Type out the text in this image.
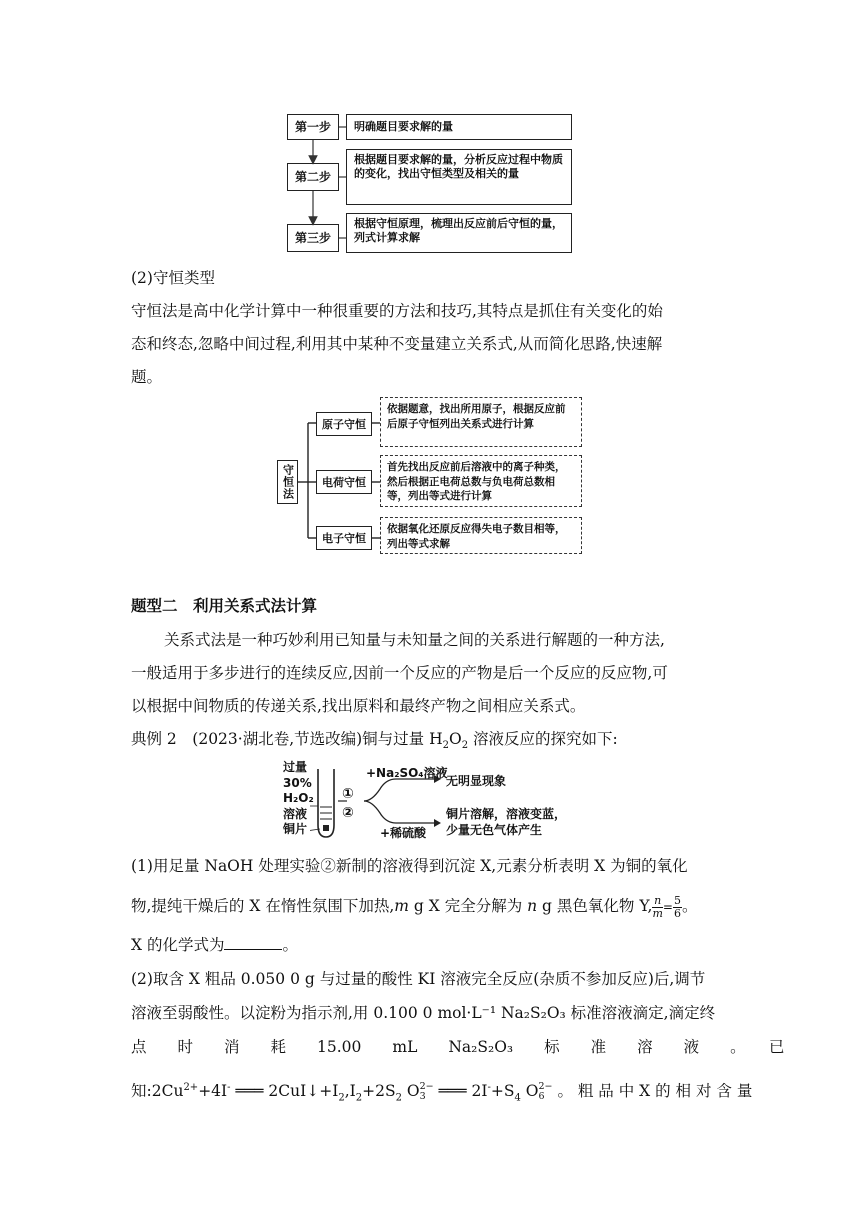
第一步	明确题目要求解的量
第二步
根据题目要求解的量，分析反应过程中物质的变化，找出守恒类型及相关的量
第三步
根据守恒原理，梳理出反应前后守恒的量，列式计算求解
(2)守恒类型
守恒法是高中化学计算中一种很重要的方法和技巧,其特点是抓住有关变化的始
态和终态,忽略中间过程,利用其中某种不变量建立关系式,从而简化思路,快速解
题。
守恒法
原子守恒
依据题意，找出所用原子，根据反应前后原子守恒列出关系式进行计算
电荷守恒
首先找出反应前后溶液中的离子种类，然后根据正电荷总数与负电荷总数相等，列出等式进行计算
电子守恒
依据氧化还原反应得失电子数目相等，列出等式求解
题型二　利用关系式法计算
关系式法是一种巧妙利用已知量与未知量之间的关系进行解题的一种方法,
一般适用于多步进行的连续反应,因前一个反应的产物是后一个反应的反应物,可
以根据中间物质的传递关系,找出原料和最终产物之间相应关系式。
典例 2　(2023·湖北卷,节选改编)铜与过量 $H_2O_2$ 溶液反应的探究如下:
过量
30%
H₂O₂
溶液
铜片
①
②
+Na₂SO₄溶液
+稀硫酸
无明显现象
铜片溶解，溶液变蓝，
少量无色气体产生
(1)用足量 NaOH 处理实验②新制的溶液得到沉淀 X,元素分析表明 X 为铜的氧化
物,提纯干燥后的 X 在惰性氛围下加热,m g X 完全分解为 n g 黑色氧化物 Y, $\frac{n}{m} = \frac{5}{6}$ 。
X 的化学式为	。
(2)取含 X 粗品 0.050 0 g 与过量的酸性 KI 溶液完全反应(杂质不参加反应)后,调节
溶液至弱酸性。以淀粉为指示剂,用 0.100 0 mol·L⁻¹ Na₂S₂O₃ 标准溶液滴定,滴定终
点　　时　　消　　耗　　15.00　　mL　　Na₂S₂O₃　　标　　准　　溶　　液　　。　　已
知$:2Cu^{2+}+4I^-$ ═══ $2CuI↓+I_2,I_2+2S_2$ O 2−
3 ═══ $2I^-+S_4$ O 2−
6 。 粗 品 中 X 的 相 对 含 量
